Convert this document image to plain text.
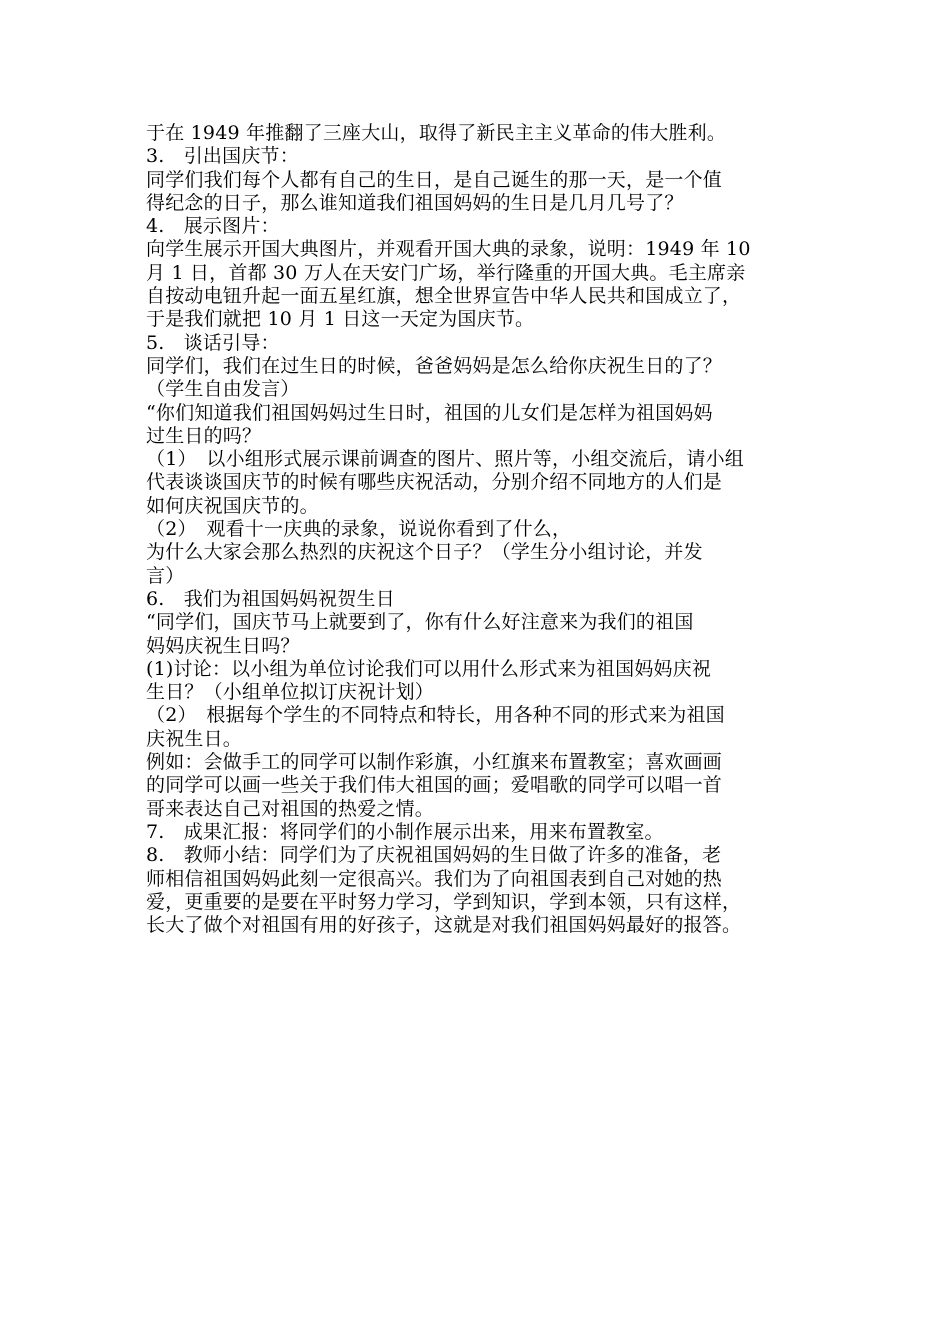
于在 1949 年推翻了三座大山，取得了新民主主义革命的伟大胜利。
3.　引出国庆节：
同学们我们每个人都有自己的生日，是自己诞生的那一天，是一个值
得纪念的日子，那么谁知道我们祖国妈妈的生日是几月几号了？
4.　展示图片：
向学生展示开国大典图片，并观看开国大典的录象，说明：1949 年 10
月 1 日，首都 30 万人在天安门广场，举行隆重的开国大典。毛主席亲
自按动电钮升起一面五星红旗，想全世界宣告中华人民共和国成立了，
于是我们就把 10 月 1 日这一天定为国庆节。
5.　谈话引导：
同学们，我们在过生日的时候，爸爸妈妈是怎么给你庆祝生日的了？
（学生自由发言）
“你们知道我们祖国妈妈过生日时，祖国的儿女们是怎样为祖国妈妈
过生日的吗？
（1）　以小组形式展示课前调查的图片、照片等，小组交流后，请小组
代表谈谈国庆节的时候有哪些庆祝活动，分别介绍不同地方的人们是
如何庆祝国庆节的。
（2）　观看十一庆典的录象，说说你看到了什么，
为什么大家会那么热烈的庆祝这个日子？（学生分小组讨论，并发
言）
6.　我们为祖国妈妈祝贺生日
“同学们，国庆节马上就要到了，你有什么好注意来为我们的祖国
妈妈庆祝生日吗？
(1)讨论：以小组为单位讨论我们可以用什么形式来为祖国妈妈庆祝
生日？（小组单位拟订庆祝计划）
（2）　根据每个学生的不同特点和特长，用各种不同的形式来为祖国
庆祝生日。
例如：会做手工的同学可以制作彩旗，小红旗来布置教室；喜欢画画
的同学可以画一些关于我们伟大祖国的画；爱唱歌的同学可以唱一首
哥来表达自己对祖国的热爱之情。
7.　成果汇报：将同学们的小制作展示出来，用来布置教室。
8.　教师小结：同学们为了庆祝祖国妈妈的生日做了许多的准备，老
师相信祖国妈妈此刻一定很高兴。我们为了向祖国表到自己对她的热
爱，更重要的是要在平时努力学习，学到知识，学到本领，只有这样，
长大了做个对祖国有用的好孩子，这就是对我们祖国妈妈最好的报答。
